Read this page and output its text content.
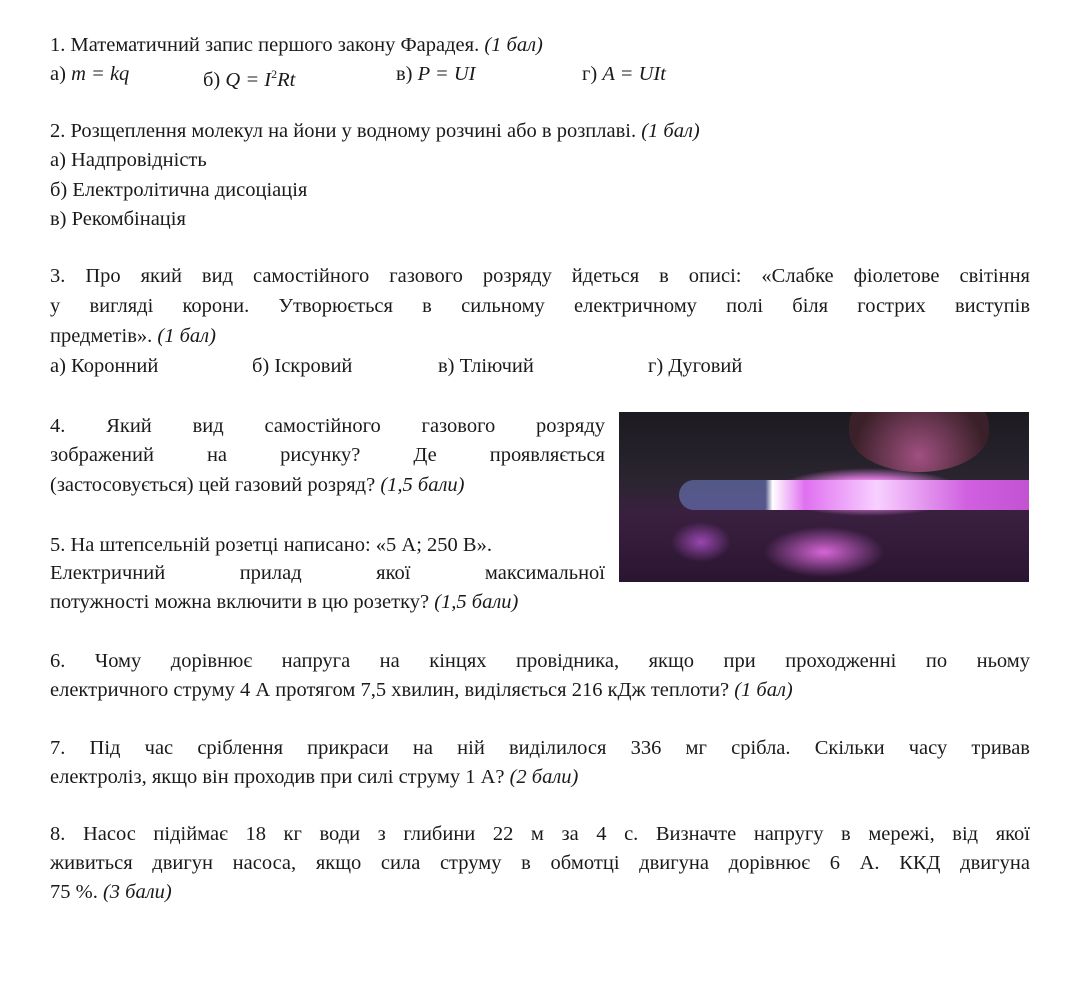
1. Математичний запис першого закону Фарадея. (1 бал)
а) m = kq	б) $Q = I^2Rt$	в) P = UI	г) A = UIt
2. Розщеплення молекул на йони у водному розчині або в розплаві. (1 бал)
а) Надпровідність
б) Електролітична дисоціація
в) Рекомбінація
3. Про який вид самостійного газового розряду йдеться в описі: «Слабке фіолетове світіння
у вигляді корони. Утворюється в сильному електричному полі біля гострих виступів
предметів». (1 бал)
а) Коронний	б) Іскровий	в) Тліючий	г) Дуговий
4. Який вид самостійного газового розряду
зображений на рисунку? Де проявляється
(застосовується) цей газовий розряд? (1,5 бали)
5. На штепсельній розетці написано: «5 А; 250 В».
Електричний прилад якої максимальної
потужності можна включити в цю розетку? (1,5 бали)
6. Чому дорівнює напруга на кінцях провідника, якщо при проходженні по ньому
електричного струму 4 А протягом 7,5 хвилин, виділяється 216 кДж теплоти? (1 бал)
7. Під час сріблення прикраси на ній виділилося 336 мг срібла. Скільки часу тривав
електроліз, якщо він проходив при силі струму 1 А? (2 бали)
8. Насос підіймає 18 кг води з глибини 22 м за 4 с. Визначте напругу в мережі, від якої
живиться двигун насоса, якщо сила струму в обмотці двигуна дорівнює 6 А. ККД двигуна
75 %. (3 бали)
